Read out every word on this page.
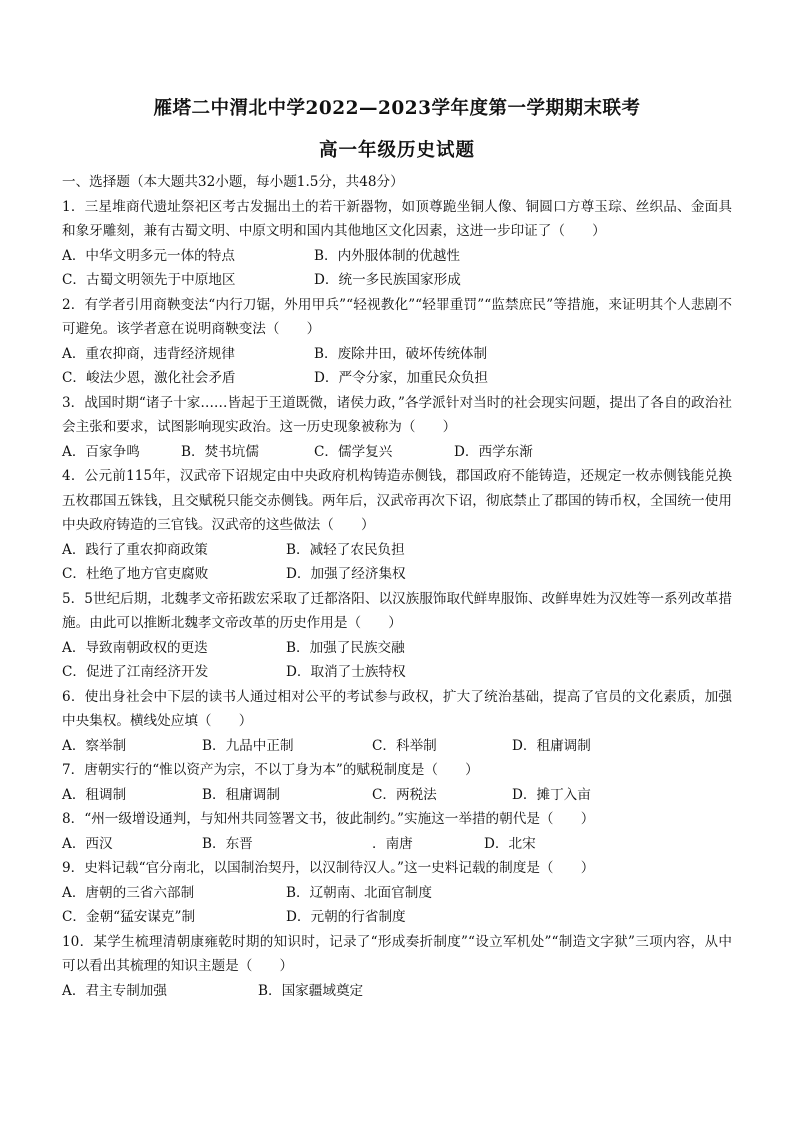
雁塔二中渭北中学2022—2023学年度第一学期期末联考
高一年级历史试题
一、选择题（本大题共32小题，每小题1.5分，共48分）

1．三星堆商代遗址祭祀区考古发掘出土的若干新器物，如顶尊跪坐铜人像、铜圆口方尊玉琮、丝织品、金面具和象牙雕刻，兼有古蜀文明、中原文明和国内其他地区文化因素，这进一步印证了（　　）

A．中华文明多元一体的特点	B．内外服体制的优越性
C．古蜀文明领先于中原地区	D．统一多民族国家形成

2．有学者引用商鞅变法“内行刀锯，外用甲兵”“轻视教化”“轻罪重罚”“监禁庶民”等措施，来证明其个人悲剧不可避免。该学者意在说明商鞅变法（　　）

A．重农抑商，违背经济规律	B．废除井田，破坏传统体制
C．峻法少恩，激化社会矛盾	D．严令分家，加重民众负担

3．战国时期“诸子十家……皆起于王道既微，诸侯力政，”各学派针对当时的社会现实问题，提出了各自的政治社会主张和要求，试图影响现实政治。这一历史现象被称为（　　）

A．百家争鸣	B．焚书坑儒	C．儒学复兴	D．西学东渐

4．公元前115年，汉武帝下诏规定由中央政府机构铸造赤侧钱，郡国政府不能铸造，还规定一枚赤侧钱能兑换五枚郡国五铢钱，且交赋税只能交赤侧钱。两年后，汉武帝再次下诏，彻底禁止了郡国的铸币权，全国统一使用中央政府铸造的三官钱。汉武帝的这些做法（　　）

A．践行了重农抑商政策	B．减轻了农民负担
C．杜绝了地方官吏腐败	D．加强了经济集权

5．5世纪后期，北魏孝文帝拓跋宏采取了迁都洛阳、以汉族服饰取代鲜卑服饰、改鲜卑姓为汉姓等一系列改革措施。由此可以推断北魏孝文帝改革的历史作用是（　　）

A．导致南朝政权的更迭	B．加强了民族交融
C．促进了江南经济开发	D．取消了士族特权

6．使出身社会中下层的读书人通过相对公平的考试参与政权，扩大了统治基础，提高了官员的文化素质，加强中央集权。横线处应填（　　）

A．察举制	B．九品中正制	C．科举制	D．租庸调制

7．唐朝实行的“惟以资产为宗，不以丁身为本”的赋税制度是（　　）

A．租调制	B．租庸调制	C．两税法	D．摊丁入亩

8．“州一级增设通判，与知州共同签署文书，彼此制约。”实施这一举措的朝代是（　　）

A．西汉	B．东晋	．南唐	D．北宋

9．史料记载“官分南北，以国制治契丹，以汉制待汉人。”这一史料记载的制度是（　　）

A．唐朝的三省六部制	B．辽朝南、北面官制度
C．金朝“猛安谋克”制	D．元朝的行省制度

10．某学生梳理清朝康雍乾时期的知识时，记录了“形成奏折制度”“设立军机处”“制造文字狱”三项内容，从中可以看出其梳理的知识主题是（　　）

A．君主专制加强	B．国家疆域奠定
